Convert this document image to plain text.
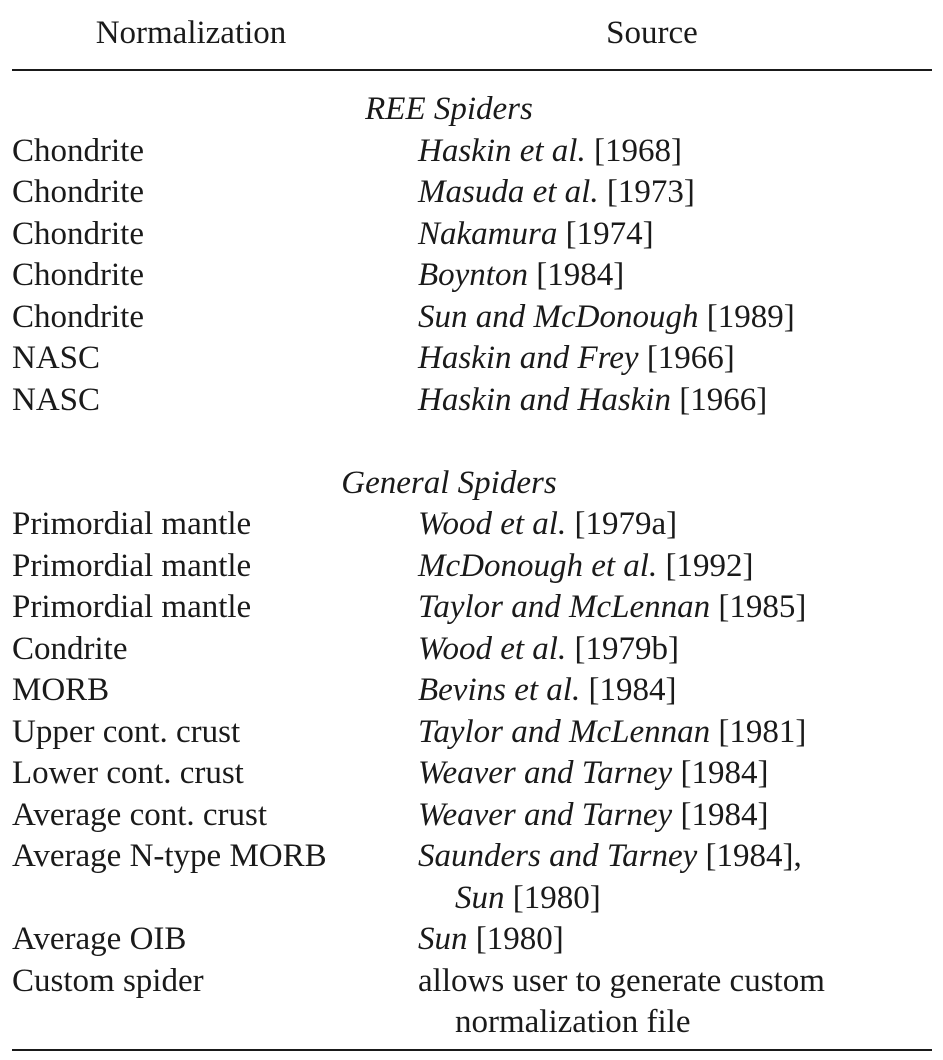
Normalization	Source
REE Spiders
Chondrite	Haskin et al. [1968]
Chondrite	Masuda et al. [1973]
Chondrite	Nakamura [1974]
Chondrite	Boynton [1984]
Chondrite	Sun and McDonough [1989]
NASC	Haskin and Frey [1966]
NASC	Haskin and Haskin [1966]
General Spiders
Primordial mantle	Wood et al. [1979a]
Primordial mantle	McDonough et al. [1992]
Primordial mantle	Taylor and McLennan [1985]
Condrite	Wood et al. [1979b]
MORB	Bevins et al. [1984]
Upper cont. crust	Taylor and McLennan [1981]
Lower cont. crust	Weaver and Tarney [1984]
Average cont. crust	Weaver and Tarney [1984]
Average N-type MORB	Saunders and Tarney [1984],
Sun [1980]
Average OIB	Sun [1980]
Custom spider	allows user to generate custom
normalization file
